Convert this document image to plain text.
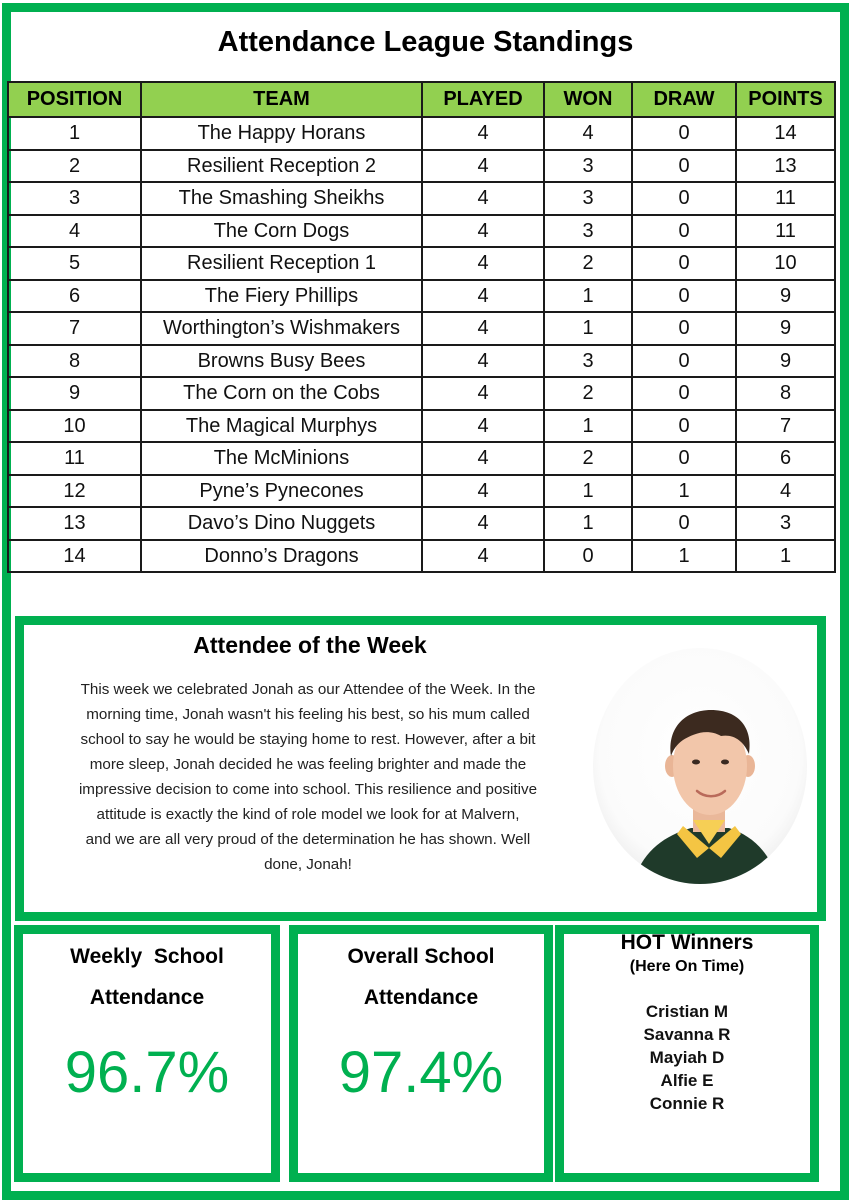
Attendance League Standings
POSITION	TEAM	PLAYED	WON	DRAW	POINTS
1	The Happy Horans	4	4	0	14
2	Resilient Reception 2	4	3	0	13
3	The Smashing Sheikhs	4	3	0	11
4	The Corn Dogs	4	3	0	11
5	Resilient Reception 1	4	2	0	10
6	The Fiery Phillips	4	1	0	9
7	Worthington’s Wishmakers	4	1	0	9
8	Browns Busy Bees	4	3	0	9
9	The Corn on the Cobs	4	2	0	8
10	The Magical Murphys	4	1	0	7
11	The McMinions	4	2	0	6
12	Pyne’s Pynecones	4	1	1	4
13	Davo’s Dino Nuggets	4	1	0	3
14	Donno’s Dragons	4	0	1	1
Attendee of the Week
This week we celebrated Jonah as our Attendee of the Week. In the
morning time, Jonah wasn't his feeling his best, so his mum called
school to say he would be staying home to rest. However, after a bit
more sleep, Jonah decided he was feeling brighter and made the
impressive decision to come into school. This resilience and positive
attitude is exactly the kind of role model we look for at Malvern,
and we are all very proud of the determination he has shown. Well
done, Jonah!
Weekly  School
Attendance
96.7%
Overall School
Attendance
97.4%
HOT Winners
(Here On Time)
Cristian M
Savanna R
Mayiah D
Alfie E
Connie R
